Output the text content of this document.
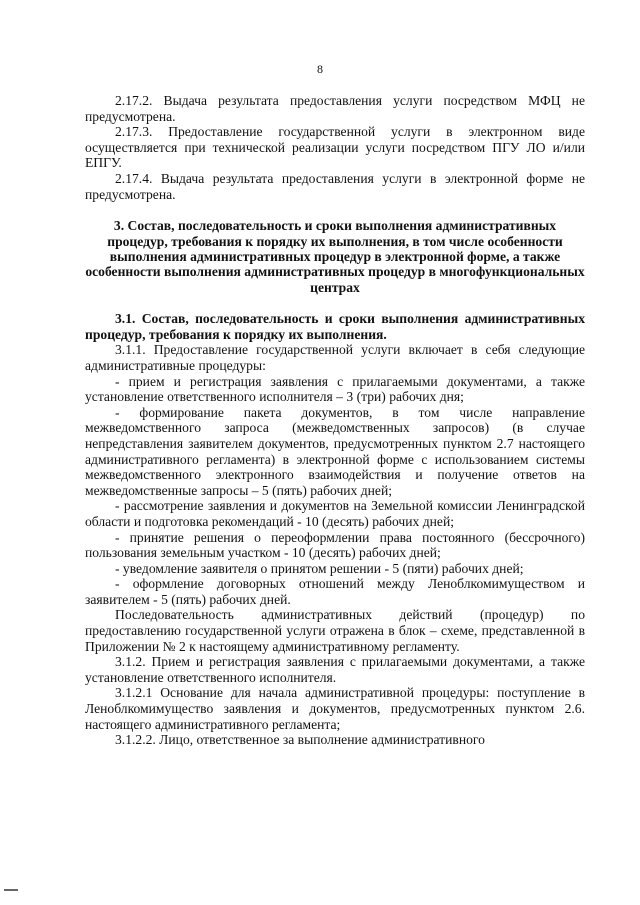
8

2.17.2. Выдача результата предоставления услуги посредством МФЦ не предусмотрена.

2.17.3. Предоставление государственной услуги в электронном виде осуществляется при технической реализации услуги посредством ПГУ ЛО и/или ЕПГУ.

2.17.4. Выдача результата предоставления услуги в электронной форме не предусмотрена.

3. Состав, последовательность и сроки выполнения административных процедур, требования к порядку их выполнения, в том числе особенности выполнения административных процедур в электронной форме, а также особенности выполнения административных процедур в многофункциональных центрах

3.1. Состав, последовательность и сроки выполнения административных процедур, требования к порядку их выполнения.

3.1.1. Предоставление государственной услуги включает в себя следующие административные процедуры:

- прием и регистрация заявления с прилагаемыми документами, а также установление ответственного исполнителя – 3 (три) рабочих дня;

- формирование пакета документов, в том числе направление межведомственного запроса (межведомственных запросов) (в случае непредставления заявителем документов, предусмотренных пунктом 2.7 настоящего административного регламента) в электронной форме с использованием системы межведомственного электронного взаимодействия и получение ответов на межведомственные запросы – 5 (пять) рабочих дней;

- рассмотрение заявления и документов на Земельной комиссии Ленинградской области и подготовка рекомендаций - 10 (десять) рабочих дней;

- принятие решения о переоформлении права постоянного (бессрочного) пользования земельным участком - 10 (десять) рабочих дней;

- уведомление заявителя о принятом решении - 5 (пяти) рабочих дней;

- оформление договорных отношений между Леноблкомимуществом и заявителем - 5 (пять) рабочих дней.

Последовательность административных действий (процедур) по предоставлению государственной услуги отражена в блок – схеме, представленной в Приложении № 2 к настоящему административному регламенту.

3.1.2. Прием и регистрация заявления с прилагаемыми документами, а также установление ответственного исполнителя.

3.1.2.1 Основание для начала административной процедуры: поступление в Леноблкомимущество заявления и документов, предусмотренных пунктом 2.6. настоящего административного регламента;

3.1.2.2. Лицо, ответственное за выполнение административного
